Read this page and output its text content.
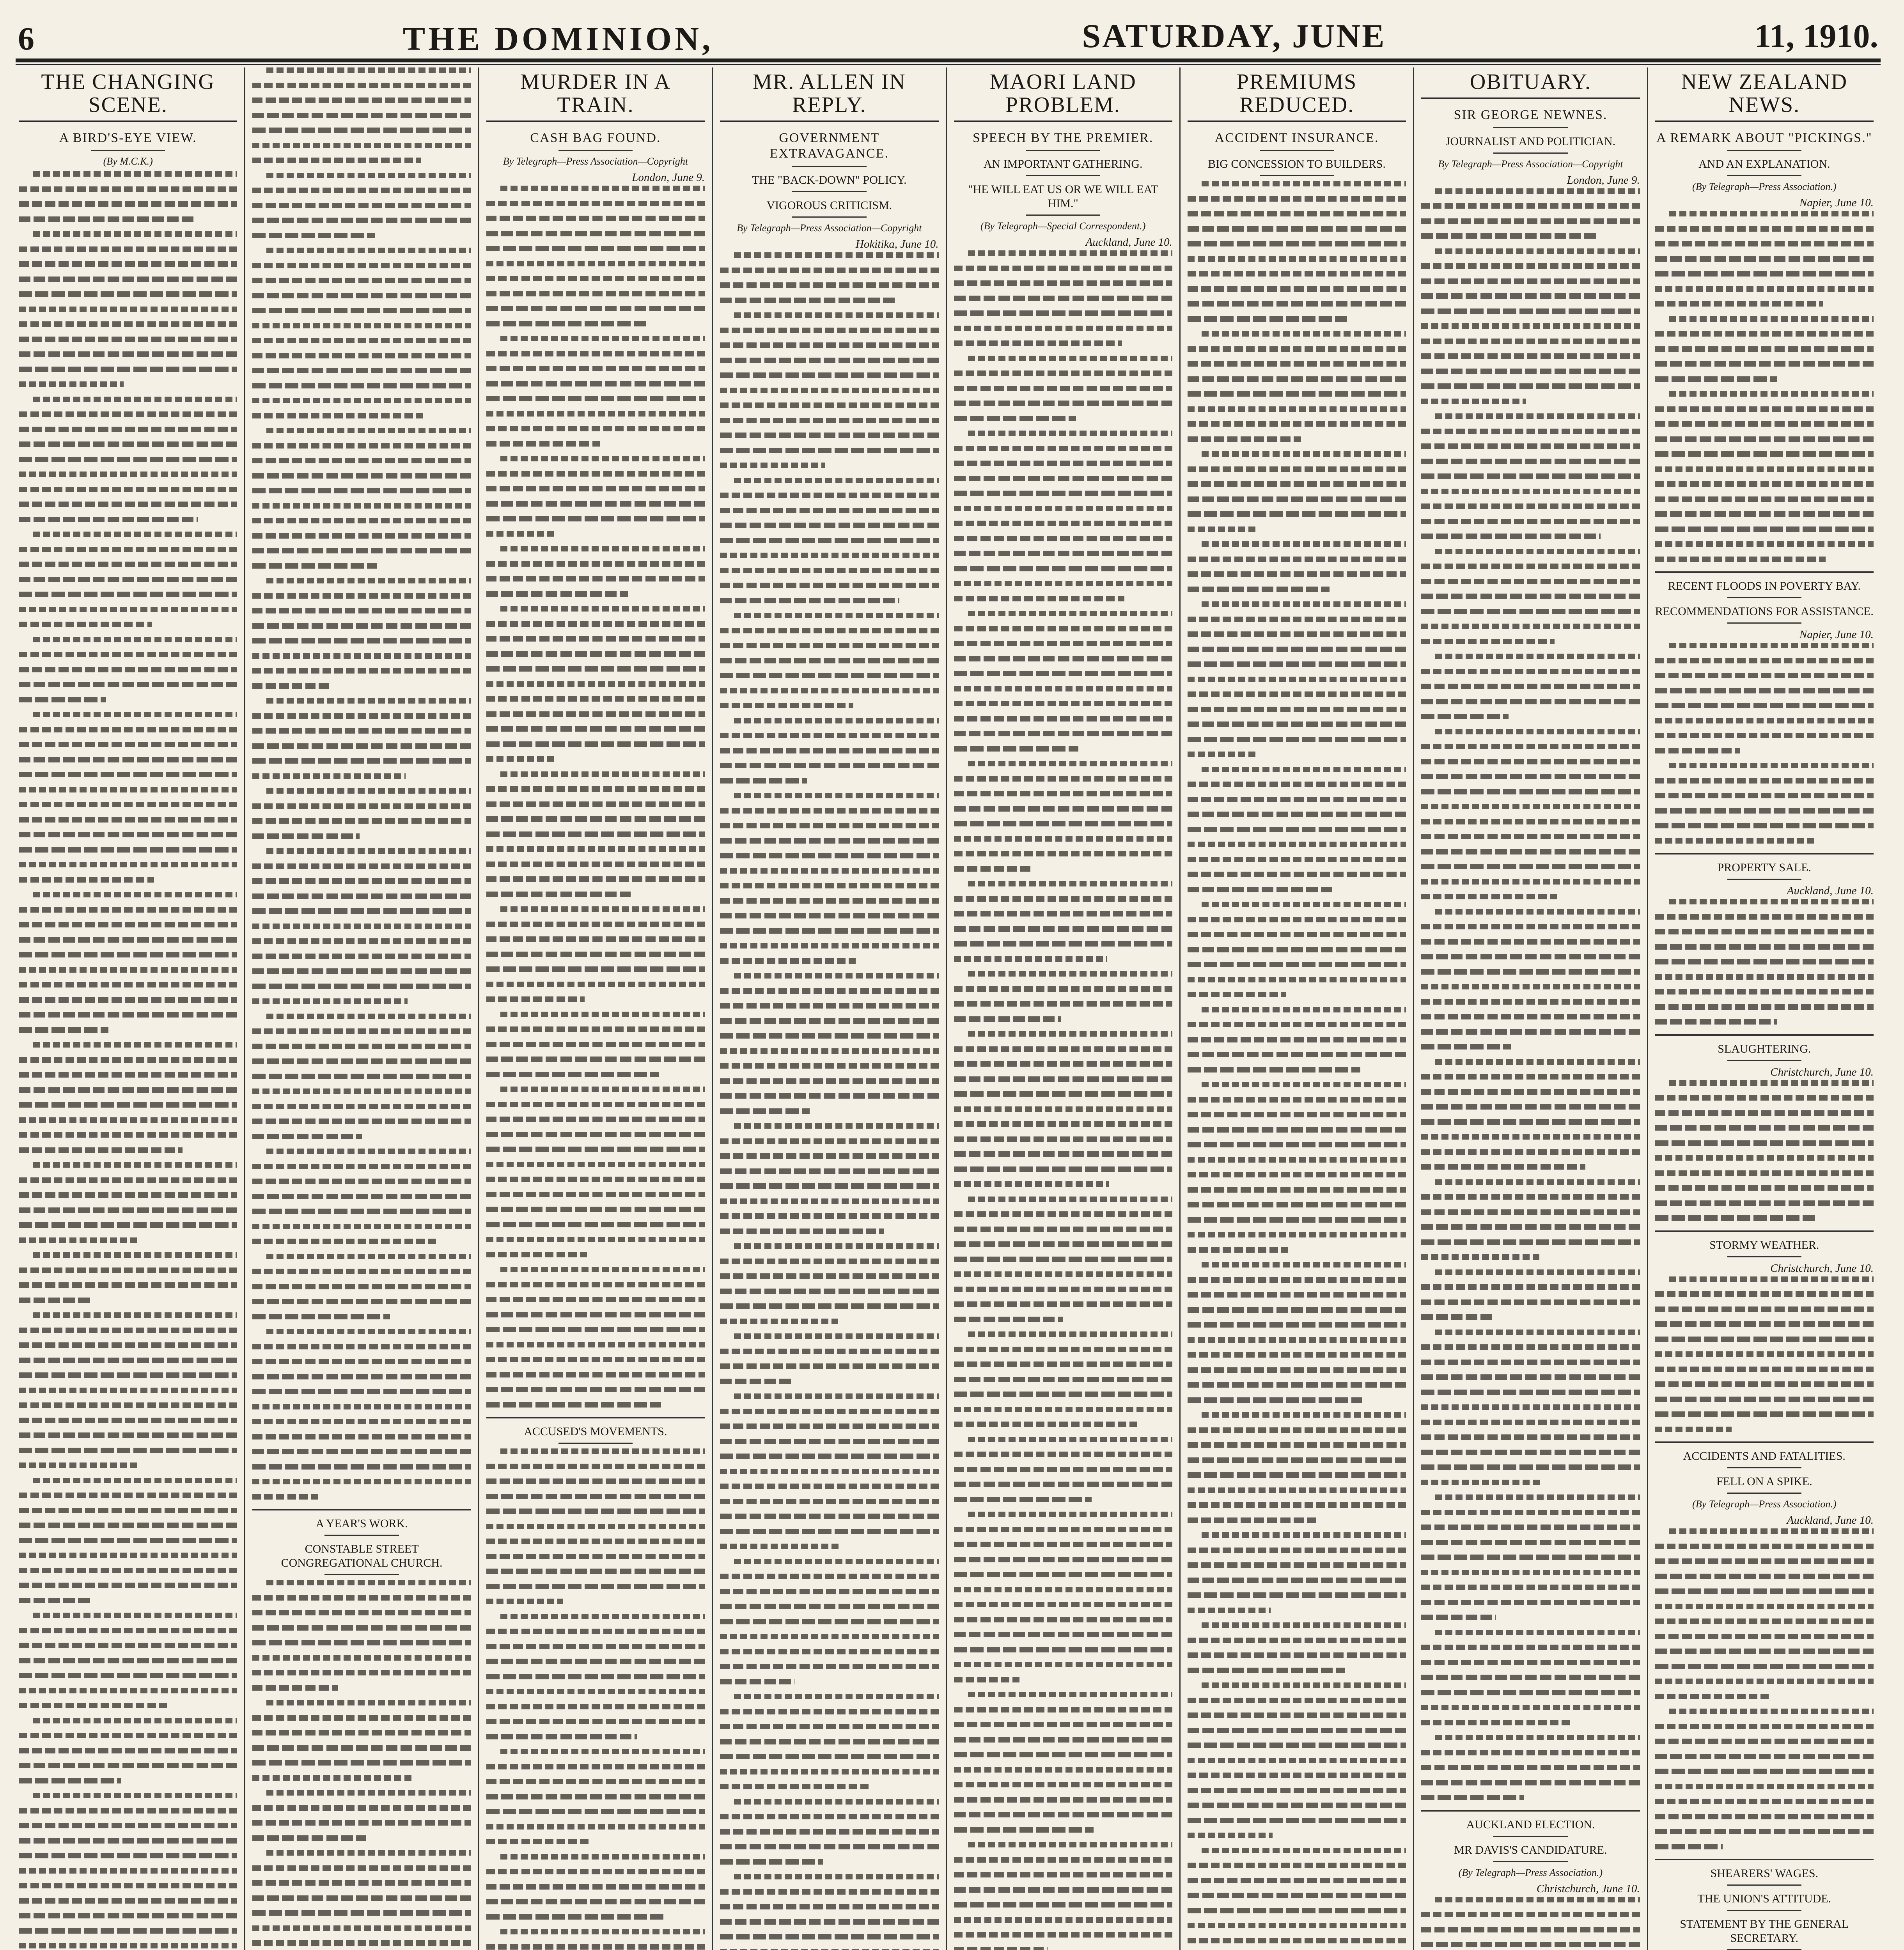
6	THE DOMINION,	SATURDAY, JUNE	11, 1910.
THE CHANGING SCENE.
A BIRD'S-EYE VIEW.
(By M.C.K.)
A YEAR'S WORK.
CONSTABLE STREET CONGREGATIONAL CHURCH.
MURDER IN A TRAIN.
CASH BAG FOUND.
By Telegraph—Press Association—Copyright
London, June 9.
ACCUSED'S MOVEMENTS.
MR. ALLEN IN REPLY.
GOVERNMENT EXTRAVAGANCE.
THE "BACK-DOWN" POLICY.
VIGOROUS CRITICISM.
By Telegraph—Press Association—Copyright
Hokitika, June 10.
MAORI LAND PROBLEM.
SPEECH BY THE PREMIER.
AN IMPORTANT GATHERING.
"HE WILL EAT US OR WE WILL EAT HIM."
(By Telegraph—Special Correspondent.)
Auckland, June 10.
PREMIUMS REDUCED.
ACCIDENT INSURANCE.
BIG CONCESSION TO BUILDERS.
OBITUARY.
SIR GEORGE NEWNES.
JOURNALIST AND POLITICIAN.
By Telegraph—Press Association—Copyright
London, June 9.
AUCKLAND ELECTION.
MR DAVIS'S CANDIDATURE.
(By Telegraph—Press Association.)
Christchurch, June 10.
NEW ZEALAND NEWS.
A REMARK ABOUT "PICKINGS."
AND AN EXPLANATION.
(By Telegraph—Press Association.)
Napier, June 10.
RECENT FLOODS IN POVERTY BAY.
RECOMMENDATIONS FOR ASSISTANCE.
Napier, June 10.
PROPERTY SALE.
Auckland, June 10.
SLAUGHTERING.
Christchurch, June 10.
STORMY WEATHER.
Christchurch, June 10.
ACCIDENTS AND FATALITIES.
FELL ON A SPIKE.
(By Telegraph—Press Association.)
Auckland, June 10.
SHEARERS' WAGES.
THE UNION'S ATTITUDE.
STATEMENT BY THE GENERAL SECRETARY.
